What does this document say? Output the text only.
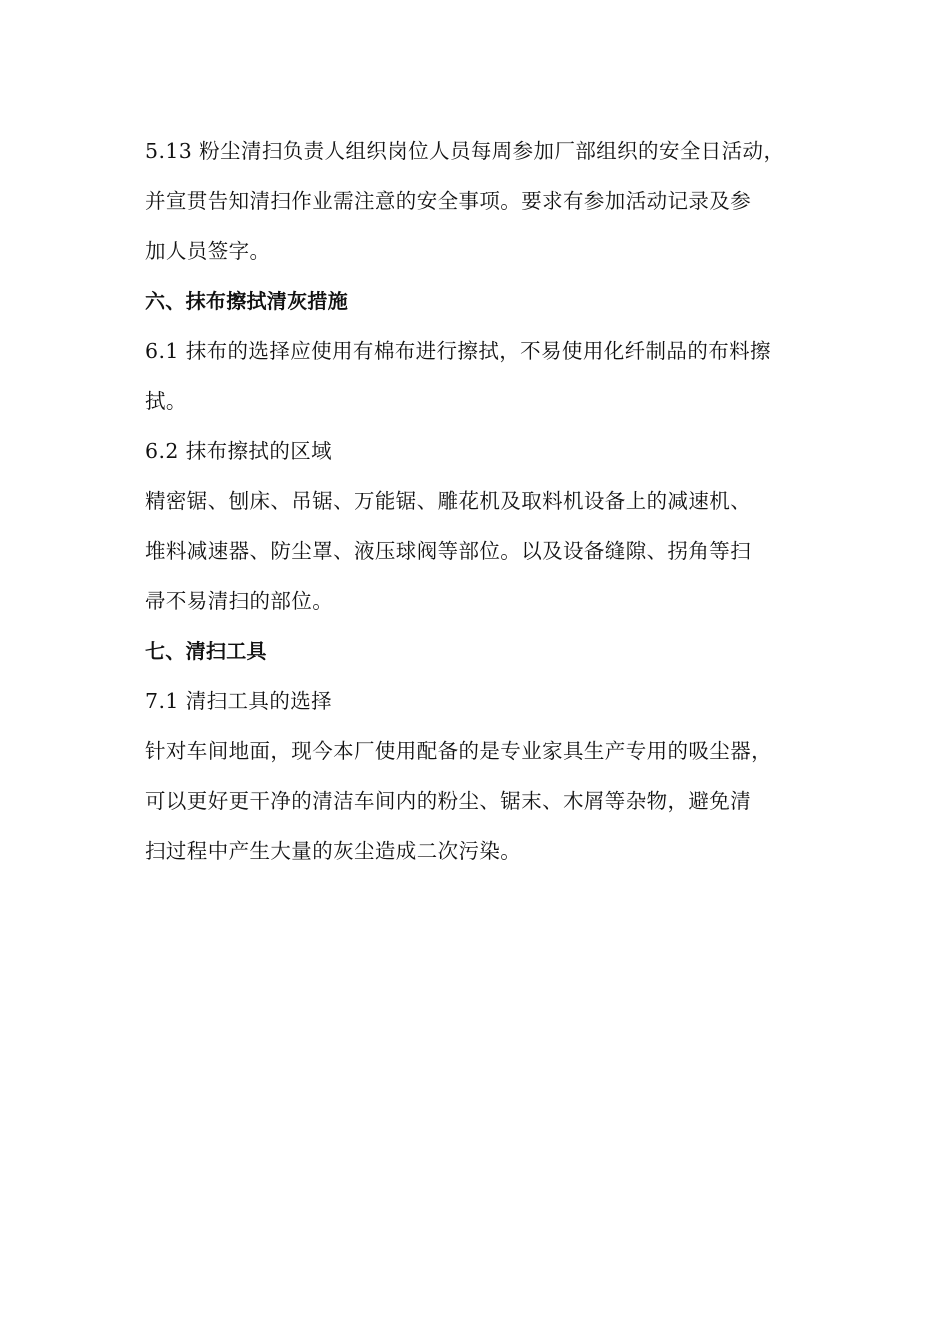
5.13 粉尘清扫负责人组织岗位人员每周参加厂部组织的安全日活动，
并宣贯告知清扫作业需注意的安全事项。要求有参加活动记录及参
加人员签字。
六、抹布擦拭清灰措施
6.1 抹布的选择应使用有棉布进行擦拭，不易使用化纤制品的布料擦
拭。
6.2 抹布擦拭的区域
精密锯、刨床、吊锯、万能锯、雕花机及取料机设备上的减速机、
堆料减速器、防尘罩、液压球阀等部位。以及设备缝隙、拐角等扫
帚不易清扫的部位。
七、清扫工具
7.1 清扫工具的选择
针对车间地面，现今本厂使用配备的是专业家具生产专用的吸尘器，
可以更好更干净的清洁车间内的粉尘、锯末、木屑等杂物，避免清
扫过程中产生大量的灰尘造成二次污染。
